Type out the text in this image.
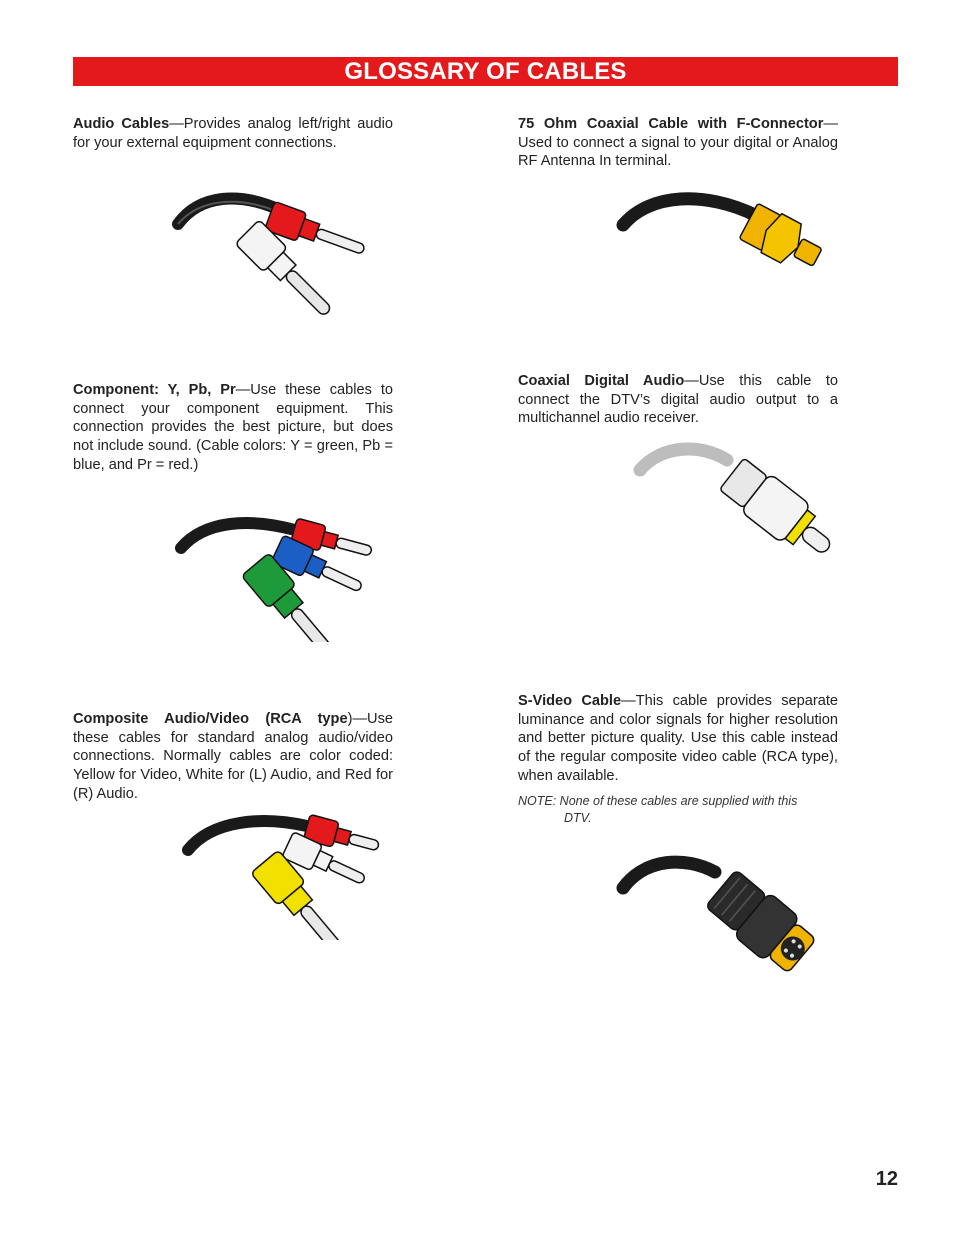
GLOSSARY OF CABLES
Audio Cables—Provides analog left/right audio for your external equipment connections.
75 Ohm Coaxial Cable with F-Connector—Used to connect a signal to your digital or Analog RF Antenna In terminal.
Component: Y, Pb, Pr—Use these cables to connect your component equipment. This connection provides the best picture, but does not include sound. (Cable colors: Y = green, Pb = blue, and Pr = red.)
Coaxial Digital Audio—Use this cable to connect the DTV’s digital audio output to a multichannel audio receiver.
Composite Audio/Video (RCA type)—Use these cables for standard analog audio/video connections. Normally cables are color coded: Yellow for Video, White for (L) Audio, and Red for (R) Audio.
S-Video Cable—This cable provides separate luminance and color signals for higher resolution and better picture quality. Use this cable instead of the regular composite video cable (RCA type), when available.
NOTE: None of these cables are supplied with this
DTV.
12
